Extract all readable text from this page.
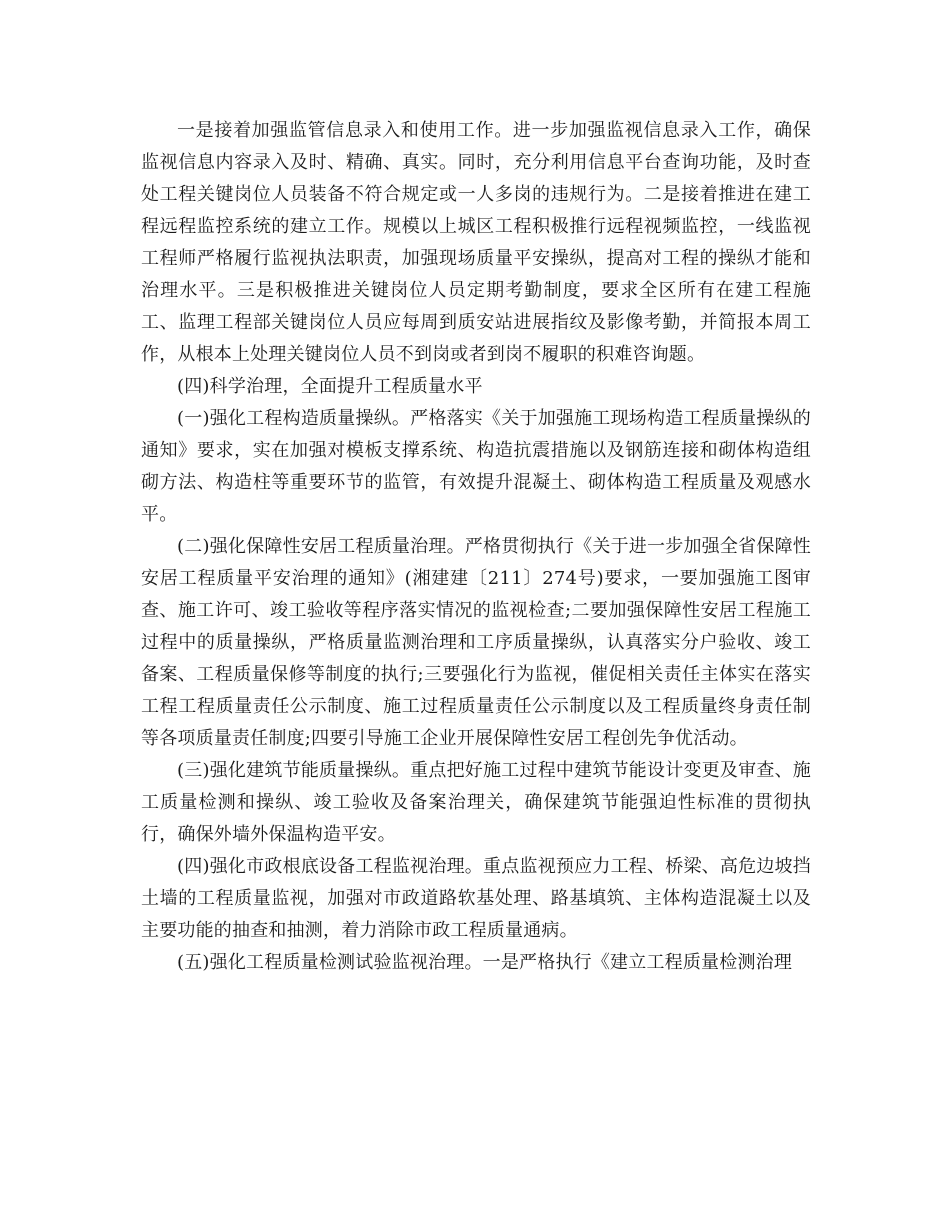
一是接着加强监管信息录入和使用工作。进一步加强监视信息录入工作，确保监视信息内容录入及时、精确、真实。同时，充分利用信息平台查询功能，及时查处工程关键岗位人员装备不符合规定或一人多岗的违规行为。二是接着推进在建工程远程监控系统的建立工作。规模以上城区工程积极推行远程视频监控，一线监视工程师严格履行监视执法职责，加强现场质量平安操纵，提高对工程的操纵才能和治理水平。三是积极推进关键岗位人员定期考勤制度，要求全区所有在建工程施工、监理工程部关键岗位人员应每周到质安站进展指纹及影像考勤，并简报本周工作，从根本上处理关键岗位人员不到岗或者到岗不履职的积难咨询题。

(四)科学治理，全面提升工程质量水平

(一)强化工程构造质量操纵。严格落实《关于加强施工现场构造工程质量操纵的通知》要求，实在加强对模板支撑系统、构造抗震措施以及钢筋连接和砌体构造组砌方法、构造柱等重要环节的监管，有效提升混凝土、砌体构造工程质量及观感水平。

(二)强化保障性安居工程质量治理。严格贯彻执行《关于进一步加强全省保障性安居工程质量平安治理的通知》(湘建建〔211〕274号)要求，一要加强施工图审查、施工许可、竣工验收等程序落实情况的监视检查;二要加强保障性安居工程施工过程中的质量操纵，严格质量监测治理和工序质量操纵，认真落实分户验收、竣工备案、工程质量保修等制度的执行;三要强化行为监视，催促相关责任主体实在落实工程工程质量责任公示制度、施工过程质量责任公示制度以及工程质量终身责任制等各项质量责任制度;四要引导施工企业开展保障性安居工程创先争优活动。

(三)强化建筑节能质量操纵。重点把好施工过程中建筑节能设计变更及审查、施工质量检测和操纵、竣工验收及备案治理关，确保建筑节能强迫性标准的贯彻执行，确保外墙外保温构造平安。

(四)强化市政根底设备工程监视治理。重点监视预应力工程、桥梁、高危边坡挡土墙的工程质量监视，加强对市政道路软基处理、路基填筑、主体构造混凝土以及主要功能的抽查和抽测，着力消除市政工程质量通病。

(五)强化工程质量检测试验监视治理。一是严格执行《建立工程质量检测治理
